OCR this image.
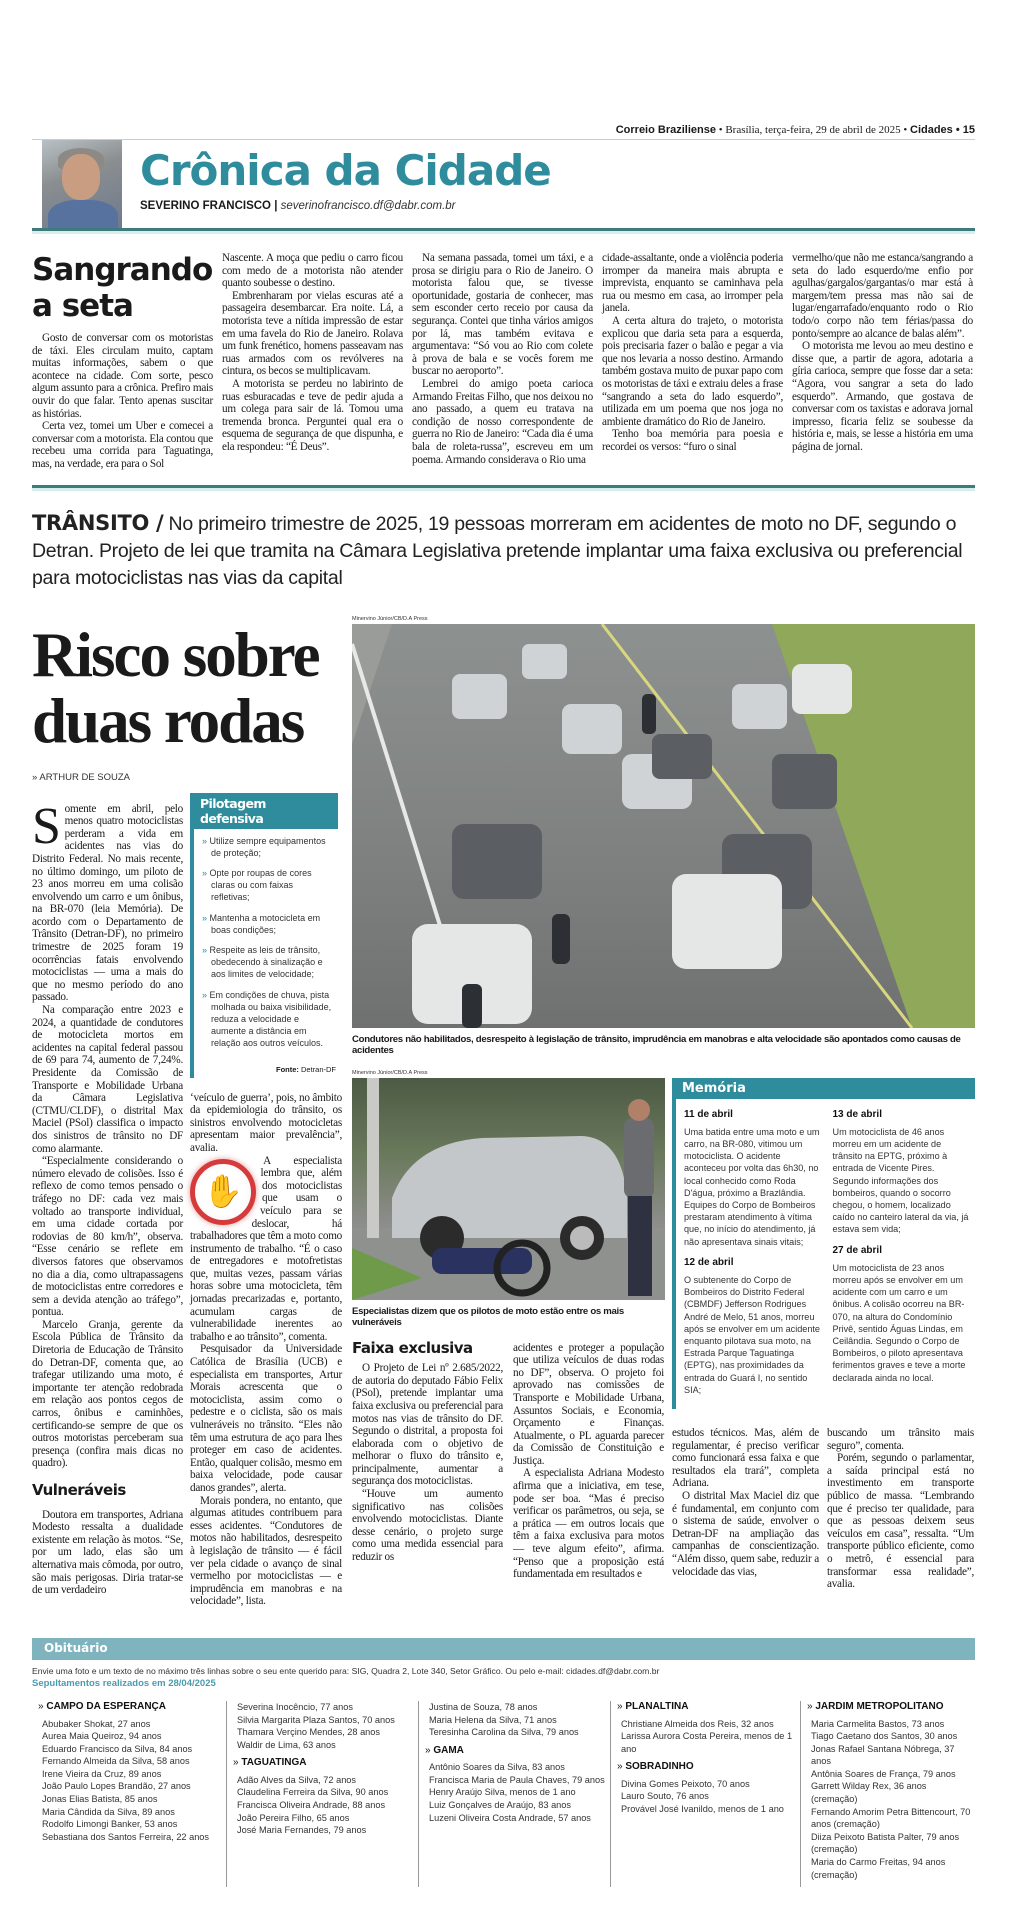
Correio Braziliense • Brasília, terça-feira, 29 de abril de 2025 • Cidades • 15
Crônica da Cidade
SEVERINO FRANCISCO | severinofrancisco.df@dabr.com.br
Sangrando a seta

Gosto de conversar com os motoristas de táxi. Eles circulam muito, captam muitas informações, sabem o que acontece na cidade. Com sorte, pesco algum assunto para a crônica. Prefiro mais ouvir do que falar. Tento apenas suscitar as histórias.

Certa vez, tomei um Uber e comecei a conversar com a motorista. Ela contou que recebeu uma corrida para Taguatinga, mas, na verdade, era para o Sol

Nascente. A moça que pediu o carro ficou com medo de a motorista não atender quanto soubesse o destino.

Embrenharam por vielas escuras até a passageira desembarcar. Era noite. Lá, a motorista teve a nítida impressão de estar em uma favela do Rio de Janeiro. Rolava um funk frenético, homens passeavam nas ruas armados com os revólveres na cintura, os becos se multiplicavam.

A motorista se perdeu no labirinto de ruas esburacadas e teve de pedir ajuda a um colega para sair de lá. Tomou uma tremenda bronca. Perguntei qual era o esquema de segurança de que dispunha, e ela respondeu: “É Deus”.

Na semana passada, tomei um táxi, e a prosa se dirigiu para o Rio de Janeiro. O motorista falou que, se tivesse oportunidade, gostaria de conhecer, mas sem esconder certo receio por causa da segurança. Contei que tinha vários amigos por lá, mas também evitava e argumentava: “Só vou ao Rio com colete à prova de bala e se vocês forem me buscar no aeroporto”.

Lembrei do amigo poeta carioca Armando Freitas Filho, que nos deixou no ano passado, a quem eu tratava na condição de nosso correspondente de guerra no Rio de Janeiro: “Cada dia é uma bala de roleta-russa”, escreveu em um poema. Armando considerava o Rio uma

cidade-assaltante, onde a violência poderia irromper da maneira mais abrupta e imprevista, enquanto se caminhava pela rua ou mesmo em casa, ao irromper pela janela.

A certa altura do trajeto, o motorista explicou que daria seta para a esquerda, pois precisaria fazer o balão e pegar a via que nos levaria a nosso destino. Armando também gostava muito de puxar papo com os motoristas de táxi e extraiu deles a frase “sangrando a seta do lado esquerdo”, utilizada em um poema que nos joga no ambiente dramático do Rio de Janeiro.

Tenho boa memória para poesia e recordei os versos: “furo o sinal

vermelho/que não me estanca/sangrando a seta do lado esquerdo/me enfio por agulhas/gargalos/gargantas/o mar está à margem/tem pressa mas não sai de lugar/engarrafado/enquanto rodo o Rio todo/o corpo não tem férias/passa do ponto/sempre ao alcance de balas além”.

O motorista me levou ao meu destino e disse que, a partir de agora, adotaria a gíria carioca, sempre que fosse dar a seta: “Agora, vou sangrar a seta do lado esquerdo”. Armando, que gostava de conversar com os taxistas e adorava jornal impresso, ficaria feliz se soubesse da história e, mais, se lesse a história em uma página de jornal.

TRÂNSITO / No primeiro trimestre de 2025, 19 pessoas morreram em acidentes de moto no DF, segundo o Detran. Projeto de lei que tramita na Câmara Legislativa pretende implantar uma faixa exclusiva ou preferencial para motociclistas nas vias da capital
Risco sobre duas rodas
» ARTHUR DE SOUZA

Somente em abril, pelo menos quatro motociclistas perderam a vida em acidentes nas vias do Distrito Federal. No mais recente, no último domingo, um piloto de 23 anos morreu em uma colisão envolvendo um carro e um ônibus, na BR-070 (leia Memória). De acordo com o Departamento de Trânsito (Detran-DF), no primeiro trimestre de 2025 foram 19 ocorrências fatais envolvendo motociclistas — uma a mais do que no mesmo período do ano passado.

Na comparação entre 2023 e 2024, a quantidade de condutores de motocicleta mortos em acidentes na capital federal passou de 69 para 74, aumento de 7,24%. Presidente da Comissão de Transporte e Mobilidade Urbana da Câmara Legislativa (CTMU/CLDF), o distrital Max Maciel (PSol) classifica o impacto dos sinistros de trânsito no DF como alarmante.

“Especialmente considerando o número elevado de colisões. Isso é reflexo de como temos pensado o tráfego no DF: cada vez mais voltado ao transporte individual, em uma cidade cortada por rodovias de 80 km/h”, observa. “Esse cenário se reflete em diversos fatores que observamos no dia a dia, como ultrapassagens de motociclistas entre corredores e sem a devida atenção ao tráfego”, pontua.

Marcelo Granja, gerente da Escola Pública de Trânsito da Diretoria de Educação de Trânsito do Detran-DF, comenta que, ao trafegar utilizando uma moto, é importante ter atenção redobrada em relação aos pontos cegos de carros, ônibus e caminhões, certificando-se sempre de que os outros motoristas perceberam sua presença (confira mais dicas no quadro).

Vulneráveis

Doutora em transportes, Adriana Modesto ressalta a dualidade existente em relação às motos. “Se, por um lado, elas são um alternativa mais cômoda, por outro, são mais perigosas. Diria tratar-se de um verdadeiro

Pilotagem defensiva
» Utilize sempre equipamentos de proteção;
» Opte por roupas de cores claras ou com faixas refletivas;
» Mantenha a motocicleta em boas condições;
» Respeite as leis de trânsito, obedecendo à sinalização e aos limites de velocidade;
» Em condições de chuva, pista molhada ou baixa visibilidade, reduza a velocidade e aumente a distância em relação aos outros veículos.
Fonte: Detran-DF

‘veículo de guerra’, pois, no âmbito da epidemiologia do trânsito, os sinistros envolvendo motocicletas apresentam maior prevalência”, avalia.

✋

A especialista lembra que, além dos motociclistas que usam o veículo para se deslocar, há trabalhadores que têm a moto como instrumento de trabalho. “É o caso de entregadores e motofretistas que, muitas vezes, passam várias horas sobre uma motocicleta, têm jornadas precarizadas e, portanto, acumulam cargas de vulnerabilidade inerentes ao trabalho e ao trânsito”, comenta.

Pesquisador da Universidade Católica de Brasília (UCB) e especialista em transportes, Artur Morais acrescenta que o motociclista, assim como o pedestre e o ciclista, são os mais vulneráveis no trânsito. “Eles não têm uma estrutura de aço para lhes proteger em caso de acidentes. Então, qualquer colisão, mesmo em baixa velocidade, pode causar danos grandes”, alerta.

Morais pondera, no entanto, que algumas atitudes contribuem para esses acidentes. “Condutores de motos não habilitados, desrespeito à legislação de trânsito — é fácil ver pela cidade o avanço de sinal vermelho por motociclistas — e imprudência em manobras e na velocidade”, lista.

Minervino Júnior/CB/D.A Press
Condutores não habilitados, desrespeito à legislação de trânsito, imprudência em manobras e alta velocidade são apontados como causas de acidentes
Minervino Júnior/CB/D.A Press
Especialistas dizem que os pilotos de moto estão entre os mais vulneráveis
Faixa exclusiva

O Projeto de Lei nº 2.685/2022, de autoria do deputado Fábio Felix (PSol), pretende implantar uma faixa exclusiva ou preferencial para motos nas vias de trânsito do DF. Segundo o distrital, a proposta foi elaborada com o objetivo de melhorar o fluxo do trânsito e, principalmente, aumentar a segurança dos motociclistas.

“Houve um aumento significativo nas colisões envolvendo motociclistas. Diante desse cenário, o projeto surge como uma medida essencial para reduzir os

acidentes e proteger a população que utiliza veículos de duas rodas no DF”, observa. O projeto foi aprovado nas comissões de Transporte e Mobilidade Urbana, Assuntos Sociais, e Economia, Orçamento e Finanças. Atualmente, o PL aguarda parecer da Comissão de Constituição e Justiça.

A especialista Adriana Modesto afirma que a iniciativa, em tese, pode ser boa. “Mas é preciso verificar os parâmetros, ou seja, se a prática — em outros locais que têm a faixa exclusiva para motos — teve algum efeito”, afirma. “Penso que a proposição está fundamentada em resultados e

Memória
11 de abril

Uma batida entre uma moto e um carro, na BR-080, vitimou um motociclista. O acidente aconteceu por volta das 6h30, no local conhecido como Roda D'água, próximo a Brazlândia. Equipes do Corpo de Bombeiros prestaram atendimento à vítima que, no início do atendimento, já não apresentava sinais vitais;

12 de abril

O subtenente do Corpo de Bombeiros do Distrito Federal (CBMDF) Jefferson Rodrigues André de Melo, 51 anos, morreu após se envolver em um acidente enquanto pilotava sua moto, na Estrada Parque Taguatinga (EPTG), nas proximidades da entrada do Guará I, no sentido SIA;

13 de abril

Um motociclista de 46 anos morreu em um acidente de trânsito na EPTG, próximo à entrada de Vicente Pires. Segundo informações dos bombeiros, quando o socorro chegou, o homem, localizado caído no canteiro lateral da via, já estava sem vida;

27 de abril

Um motociclista de 23 anos morreu após se envolver em um acidente com um carro e um ônibus. A colisão ocorreu na BR-070, na altura do Condomínio Privê, sentido Águas Lindas, em Ceilândia. Segundo o Corpo de Bombeiros, o piloto apresentava ferimentos graves e teve a morte declarada ainda no local.

estudos técnicos. Mas, além de regulamentar, é preciso verificar como funcionará essa faixa e que resultados ela trará”, completa Adriana.

O distrital Max Maciel diz que é fundamental, em conjunto com o sistema de saúde, envolver o Detran-DF na ampliação das campanhas de conscientização. “Além disso, quem sabe, reduzir a velocidade das vias,

buscando um trânsito mais seguro”, comenta.

Porém, segundo o parlamentar, a saída principal está no investimento em transporte público de massa. “Lembrando que é preciso ter qualidade, para que as pessoas deixem seus veículos em casa”, ressalta. “Um transporte público eficiente, como o metrô, é essencial para transformar essa realidade”, avalia.

Obituário
Envie uma foto e um texto de no máximo três linhas sobre o seu ente querido para: SIG, Quadra 2, Lote 340, Setor Gráfico. Ou pelo e-mail: cidades.df@dabr.com.br
Sepultamentos realizados em 28/04/2025
» CAMPO DA ESPERANÇA
Abubaker Shokat, 27 anos
Aurea Maia Queiroz, 94 anos
Eduardo Francisco da Silva, 84 anos
Fernando Almeida da Silva, 58 anos
Irene Vieira da Cruz, 89 anos
João Paulo Lopes Brandão, 27 anos
Jonas Elias Batista, 85 anos
Maria Cândida da Silva, 89 anos
Rodolfo Limongi Banker, 53 anos
Sebastiana dos Santos Ferreira, 22 anos
Severina Inocêncio, 77 anos
Silvia Margarita Plaza Santos, 70 anos
Thamara Verçino Mendes, 28 anos
Waldir de Lima, 63 anos
» TAGUATINGA
Adão Alves da Silva, 72 anos
Claudelina Ferreira da Silva, 90 anos
Francisca Oliveira Andrade, 88 anos
João Pereira Filho, 65 anos
José Maria Fernandes, 79 anos
Justina de Souza, 78 anos
Maria Helena da Silva, 71 anos
Teresinha Carolina da Silva, 79 anos
» GAMA
Antônio Soares da Silva, 83 anos
Francisca Maria de Paula Chaves, 79 anos
Henry Araújo Silva, menos de 1 ano
Luiz Gonçalves de Araújo, 83 anos
Luzeni Oliveira Costa Andrade, 57 anos
» PLANALTINA
Christiane Almeida dos Reis, 32 anos
Larissa Aurora Costa Pereira, menos de 1 ano
» SOBRADINHO
Divina Gomes Peixoto, 70 anos
Lauro Souto, 76 anos
Provável José Ivanildo, menos de 1 ano
» JARDIM METROPOLITANO
Maria Carmelita Bastos, 73 anos
Tiago Caetano dos Santos, 30 anos
Jonas Rafael Santana Nóbrega, 37 anos
Antônia Soares de França, 79 anos
Garrett Wilday Rex, 36 anos (cremação)
Fernando Amorim Petra Bittencourt, 70 anos (cremação)
Diiza Peixoto Batista Palter, 79 anos (cremação)
Maria do Carmo Freitas, 94 anos (cremação)
